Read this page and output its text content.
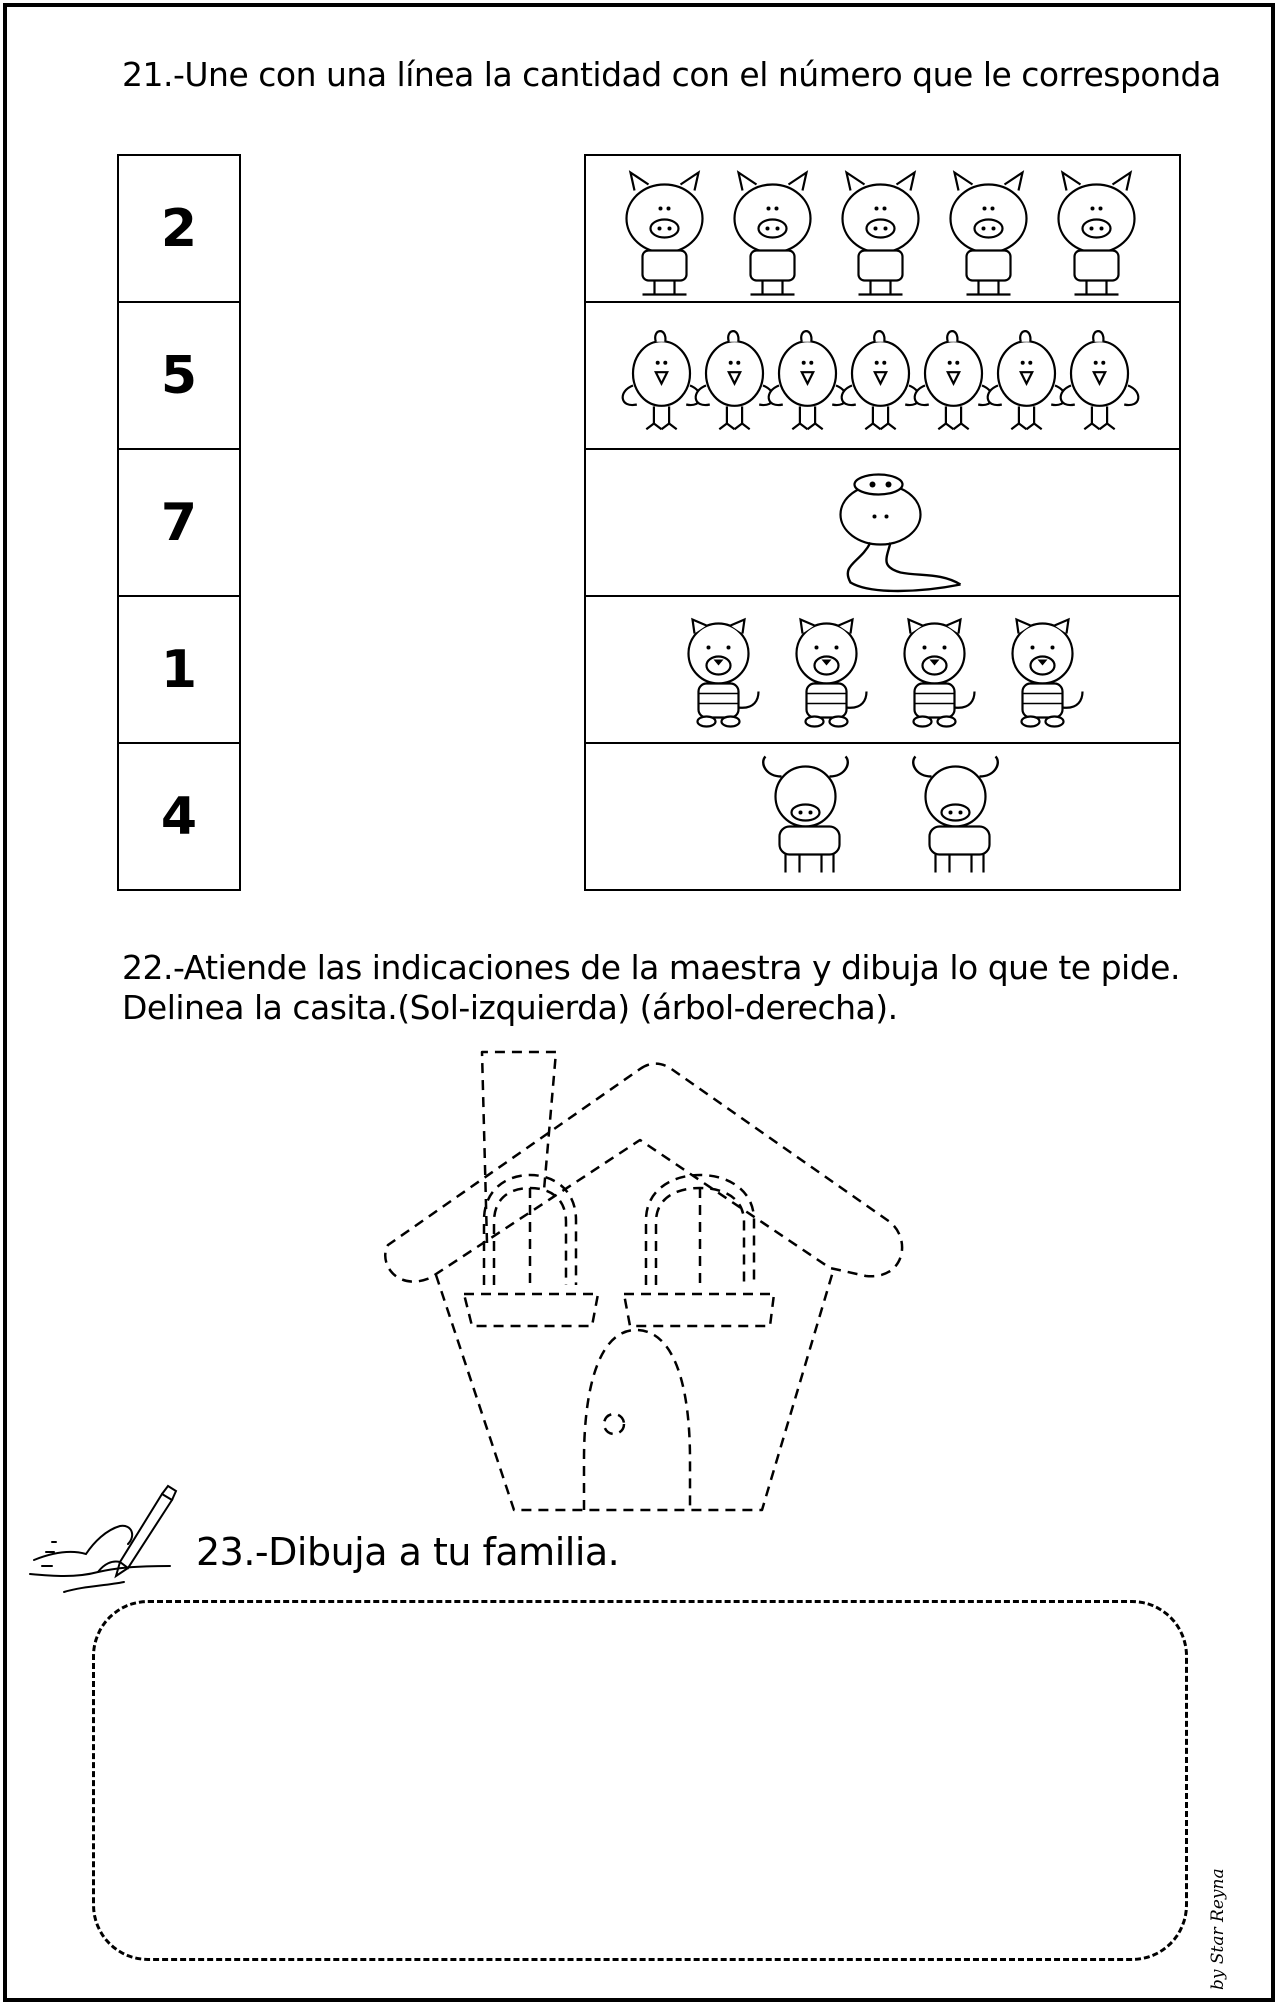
21.-Une con una línea la cantidad con el número que le corresponda
2
5
7
1
4
22.-Atiende las indicaciones de la maestra y dibuja lo que te pide.
Delinea la casita.(Sol-izquierda) (árbol-derecha).
23.-Dibuja a tu familia.
by Star Reyna
